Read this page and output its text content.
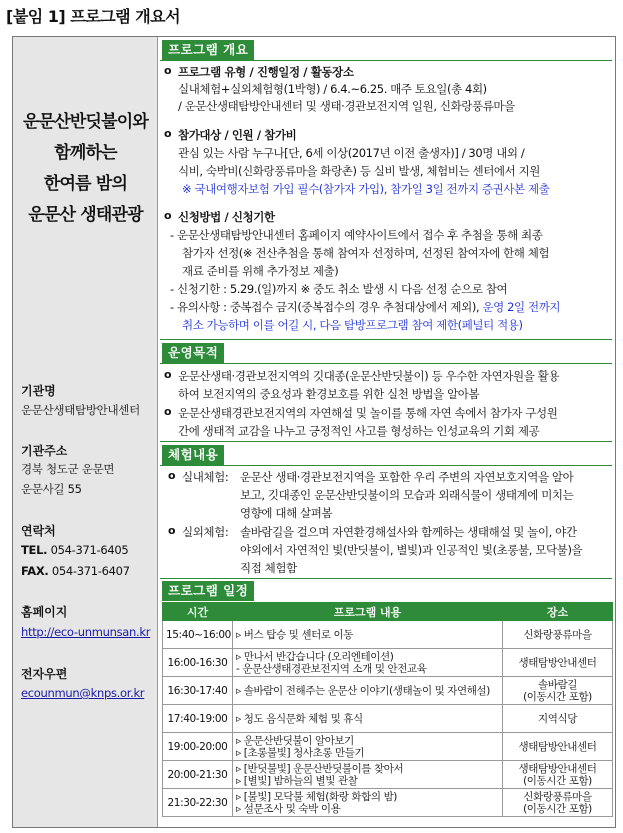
[붙임 1] 프로그램 개요서
운문산반딧불이와
함께하는
한여름 밤의
운문산 생태관광
기관명
운문산생태탐방안내센터
기관주소
경북 청도군 운문면
운문사길 55
연락처
TEL. 054-371-6405
FAX. 054-371-6407
홈페이지
http://eco-unmunsan.kr
전자우편
ecounmun@knps.or.kr
프로그램 개요
o 프로그램 유형 / 진행일정 / 활동장소
실내체험+실외체험형(1박형) / 6.4.~6.25. 매주 토요일(총 4회)
/ 운문산생태탐방안내센터 및 생태·경관보전지역 일원, 신화랑풍류마을
o 참가대상 / 인원 / 참가비
관심 있는 사람 누구나[단, 6세 이상(2017년 이전 출생자)] / 30명 내외 /
식비, 숙박비(신화랑풍류마을 화랑촌) 등 실비 발생, 체험비는 센터에서 지원
※ 국내여행자보험 가입 필수(참가자 가입), 참가일 3일 전까지 증권사본 제출
o 신청방법 / 신청기한
- 운문산생태탐방안내센터 홈페이지 예약사이트에서 접수 후 추첨을 통해 최종
참가자 선정(※ 전산추첨을 통해 참여자 선정하며, 선정된 참여자에 한해 체험
재료 준비를 위해 추가정보 제출)
- 신청기한 : 5.29.(일)까지 ※ 중도 취소 발생 시 다음 선정 순으로 참여
- 유의사항 : 중복접수 금지(중복접수의 경우 추첨대상에서 제외), 운영 2일 전까지
취소 가능하며 이를 어길 시, 다음 탐방프로그램 참여 제한(페널티 적용)
운영목적
o 운문산생태·경관보전지역의 깃대종(운문산반딧불이) 등 우수한 자연자원을 활용
하여 보전지역의 중요성과 환경보호를 위한 실천 방법을 알아봄
o 운문산생태경관보전지역의 자연해설 및 놀이를 통해 자연 속에서 참가자 구성원
간에 생태적 교감을 나누고 긍정적인 사고를 형성하는 인성교육의 기회 제공
체험내용
o 실내체험: 운문산 생태·경관보전지역을 포함한 우리 주변의 자연보호지역을 알아
보고, 깃대종인 운문산반딧불이의 모습과 외래식물이 생태계에 미치는
영향에 대해 살펴봄
o 실외체험: 솔바람길을 걸으며 자연환경해설사와 함께하는 생태해설 및 놀이, 야간
야외에서 자연적인 빛(반딧불이, 별빛)과 인공적인 빛(초롱불, 모닥불)을
직접 체험함
프로그램 일정
시간	프로그램 내용	장소
15:40~16:00	▹ 버스 탑승 및 센터로 이동	신화랑풍류마을

16:00-16:30	▹ 만나서 반갑습니다 (오리엔테이션)
- 운문산생태경관보전지역 소개 및 안전교육	생태탐방안내센터

16:30-17:40	▹ 솔바람이 전해주는 운문산 이야기(생태놀이 및 자연해설)	솔바람길
(이동시간 포함)

17:40-19:00	▹ 청도 음식문화 체험 및 휴식	지역식당

19:00-20:00	▹ 운문산반딧불이 알아보기
▹ [초롱불빛] 청사초롱 만들기	생태탐방안내센터

20:00-21:30	▹ [반딧불빛] 운문산반딧불이를 찾아서
▹ [별빛] 밤하늘의 별빛 관찰	생태탐방안내센터
(이동시간 포함)

21:30-22:30	▹ [불빛] 모닥불 체험(화랑 화합의 밤)
▹ 설문조사 및 숙박 이용	신화랑풍류마을
(이동시간 포함)
